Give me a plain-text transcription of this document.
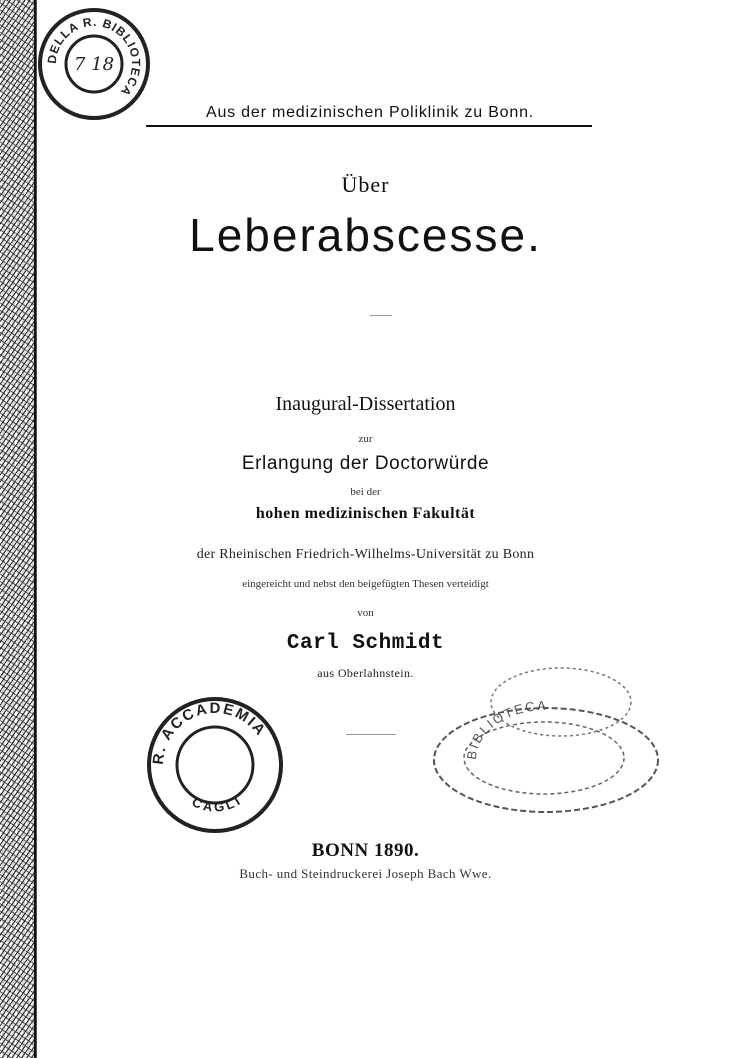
DELLA R. BIBLIOTECA
7 18
Aus der medizinischen Poliklinik zu Bonn.
Über
Leberabscesse.
Inaugural-Dissertation
zur
Erlangung der Doctorwürde
bei der
hohen medizinischen Fakultät
der Rheinischen Friedrich-Wilhelms-Universität zu Bonn
eingereicht und nebst den beigefügten Thesen verteidigt
von
Carl Schmidt
aus Oberlahnstein.
R. ACCADEMIA
CAGLI
BIBLIOTECA
BONN 1890.
Buch- und Steindruckerei Joseph Bach Wwe.
